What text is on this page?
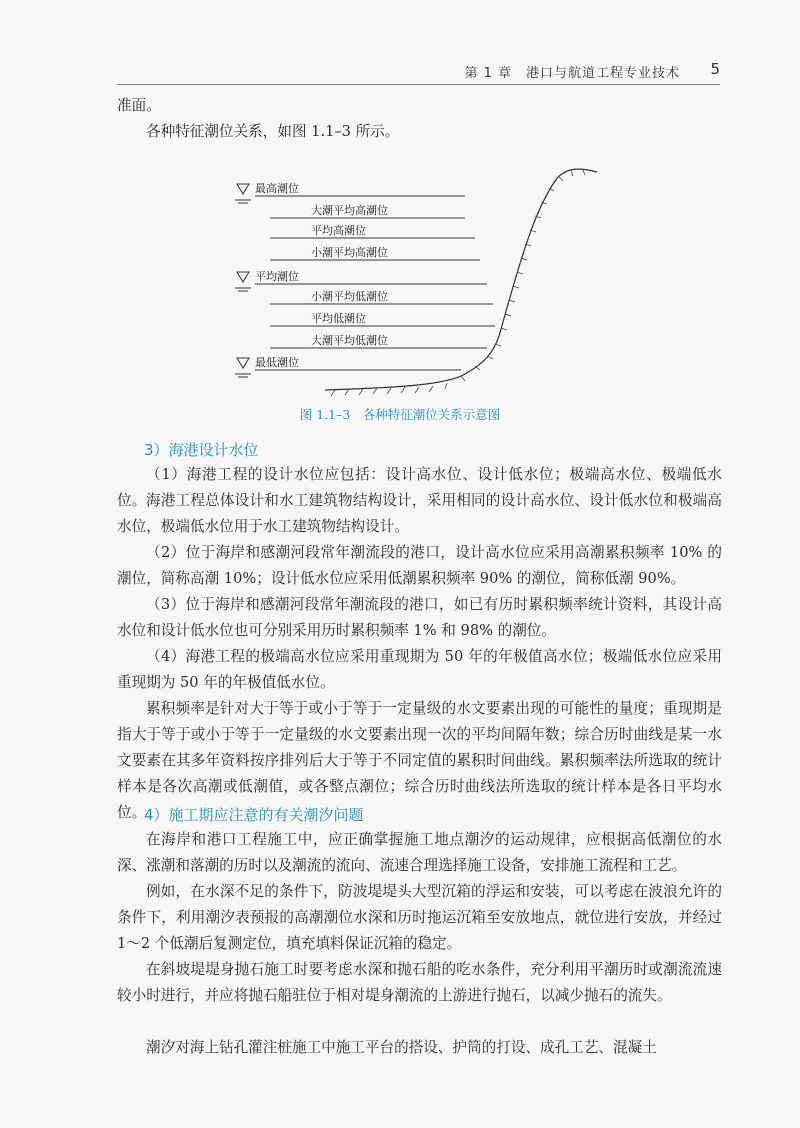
第 1 章　港口与航道工程专业技术 5

准面。

各种特征潮位关系，如图 1.1–3 所示。

最高潮位
大潮平均高潮位
平均高潮位
小潮平均高潮位
平均潮位
小潮平均低潮位
平均低潮位
大潮平均低潮位
最低潮位
图 1.1–3　各种特征潮位关系示意图
3）海港设计水位

（1）海港工程的设计水位应包括：设计高水位、设计低水位；极端高水位、极端低水位。 海港工程总体设计和水工建筑物结构设计，采用相同的设计高水位、设计低水位和极端高水位，极端低水位用于水工建筑物结构设计。

（2）位于海岸和感潮河段常年潮流段的港口，设计高水位应采用高潮累积频率 10% 的潮位，简称高潮 10%；设计低水位应采用低潮累积频率 90% 的潮位，简称低潮 90%。

（3）位于海岸和感潮河段常年潮流段的港口，如已有历时累积频率统计资料，其设计高水位和设计低水位也可分别采用历时累积频率 1% 和 98% 的潮位。

（4）海港工程的极端高水位应采用重现期为 50 年的年极值高水位；极端低水位应采用重现期为 50 年的年极值低水位。

累积频率是针对大于等于或小于等于一定量级的水文要素出现的可能性的量度；重现期是指大于等于或小于等于一定量级的水文要素出现一次的平均间隔年数；综合历时曲线是某一水文要素在其多年资料按序排列后大于等于不同定值的累积时间曲线。累积频率法所选取的统计样本是各次高潮或低潮值，或各整点潮位；综合历时曲线法所选取的统计样本是各日平均水位。

4）施工期应注意的有关潮汐问题

在海岸和港口工程施工中，应正确掌握施工地点潮汐的运动规律，应根据高低潮位的水深、涨潮和落潮的历时以及潮流的流向、流速合理选择施工设备，安排施工流程和工艺。

例如，在水深不足的条件下，防波堤堤头大型沉箱的浮运和安装，可以考虑在波浪允许的条件下，利用潮汐表预报的高潮潮位水深和历时拖运沉箱至安放地点，就位进行安放，并经过 1～2 个低潮后复测定位，填充填料保证沉箱的稳定。

在斜坡堤堤身抛石施工时要考虑水深和抛石船的吃水条件，充分利用平潮历时或潮流流速较小时进行，并应将抛石船驻位于相对堤身潮流的上游进行抛石，以减少抛石的流失。

潮汐对海上钻孔灌注桩施工中施工平台的搭设、护筒的打设、成孔工艺、混凝土
